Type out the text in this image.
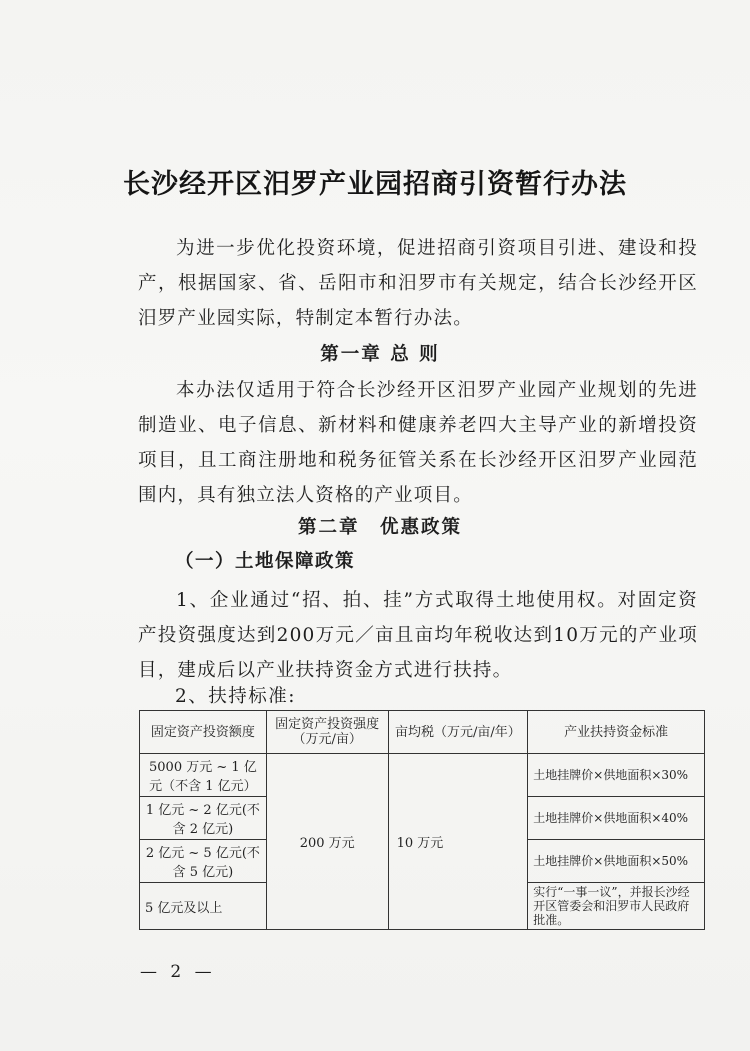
长沙经开区汨罗产业园招商引资暂行办法

为进一步优化投资环境，促进招商引资项目引进、建设和投产，根据国家、省、岳阳市和汨罗市有关规定，结合长沙经开区汨罗产业园实际，特制定本暂行办法。

第一章 总 则

本办法仅适用于符合长沙经开区汨罗产业园产业规划的先进制造业、电子信息、新材料和健康养老四大主导产业的新增投资项目，且工商注册地和税务征管关系在长沙经开区汨罗产业园范围内，具有独立法人资格的产业项目。

第二章　优惠政策

（一）土地保障政策

1、企业通过“招、拍、挂”方式取得土地使用权。对固定资产投资强度达到200万元／亩且亩均年税收达到10万元的产业项目，建成后以产业扶持资金方式进行扶持。

2、扶持标准:

固定资产投资额度	固定资产投资强度（万元/亩）	亩均税（万元/亩/年）	产业扶持资金标准
5000 万元 ~ 1 亿元（不含 1 亿元）	200 万元	10 万元	土地挂牌价×供地面积×30%
1 亿元 ~ 2 亿元(不含 2 亿元)			土地挂牌价×供地面积×40%
2 亿元 ~ 5 亿元(不含 5 亿元)			土地挂牌价×供地面积×50%
5 亿元及以上			实行“一事一议”，并报长沙经开区管委会和汨罗市人民政府批准。
— 2 —
